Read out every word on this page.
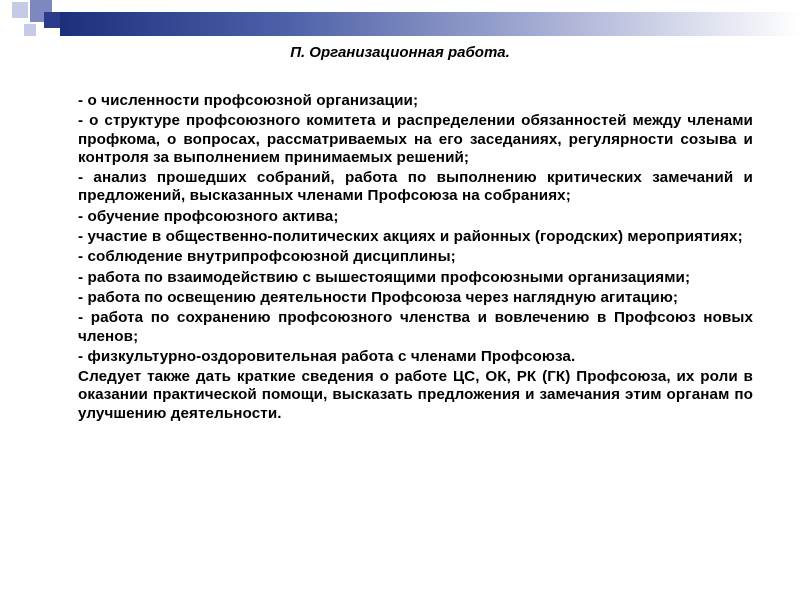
П. Организационная работа.

- о численности профсоюзной организации;

- о структуре профсоюзного комитета и распределении обязанностей между членами профкома, о вопросах, рассматриваемых на его заседаниях, регулярности созыва и контроля за выполнением принимаемых решений;

- анализ прошедших собраний, работа по выполнению критических замечаний и предложений, высказанных членами Профсоюза на собраниях;

- обучение профсоюзного актива;

- участие в общественно-политических акциях и районных (городских) мероприятиях;

- соблюдение внутрипрофсоюзной дисциплины;

- работа по взаимодействию с вышестоящими профсоюзными организациями;

- работа по освещению деятельности Профсоюза через наглядную агитацию;

- работа по сохранению профсоюзного членства и вовлечению в Профсоюз новых членов;

- физкультурно-оздоровительная работа с членами Профсоюза.

Следует также дать краткие сведения о работе ЦС, ОК, РК (ГК) Профсоюза, их роли в оказании практической помощи, высказать предложения и замечания этим органам по улучшению деятельности.
